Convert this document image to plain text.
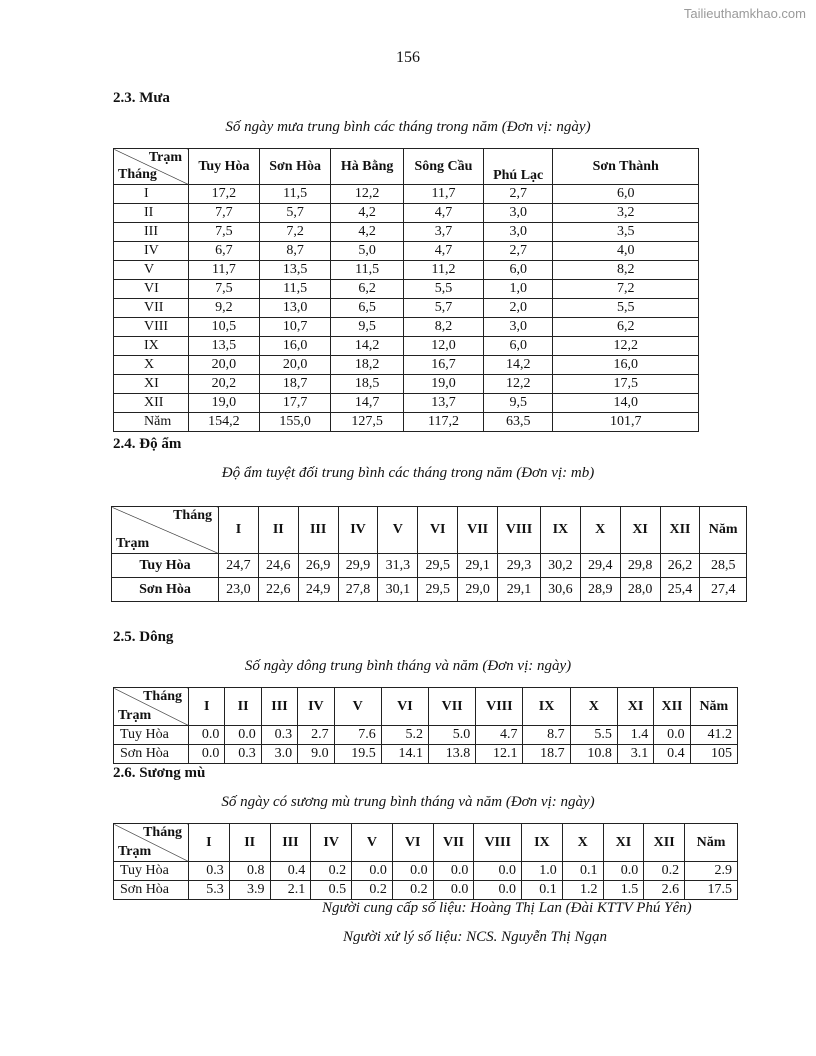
Tailieuthamkhao.com
156
2.3. Mưa
Số ngày mưa trung bình các tháng trong năm (Đơn vị: ngày)
Trạm
Tháng	Tuy Hòa	Sơn Hòa	Hà Bằng	Sông Cầu	Phú Lạc	Sơn Thành
I	17,2	11,5	12,2	11,7	2,7	6,0
II	7,7	5,7	4,2	4,7	3,0	3,2
III	7,5	7,2	4,2	3,7	3,0	3,5
IV	6,7	8,7	5,0	4,7	2,7	4,0
V	11,7	13,5	11,5	11,2	6,0	8,2
VI	7,5	11,5	6,2	5,5	1,0	7,2
VII	9,2	13,0	6,5	5,7	2,0	5,5
VIII	10,5	10,7	9,5	8,2	3,0	6,2
IX	13,5	16,0	14,2	12,0	6,0	12,2
X	20,0	20,0	18,2	16,7	14,2	16,0
XI	20,2	18,7	18,5	19,0	12,2	17,5
XII	19,0	17,7	14,7	13,7	9,5	14,0
Năm	154,2	155,0	127,5	117,2	63,5	101,7
2.4. Độ ẩm
Độ ẩm tuyệt đối trung bình các tháng trong năm (Đơn vị: mb)
Tháng
Trạm	I	II	III	IV	V	VI	VII	VIII	IX	X	XI	XII	Năm
Tuy Hòa	24,7	24,6	26,9	29,9	31,3	29,5	29,1	29,3	30,2	29,4	29,8	26,2	28,5
Sơn Hòa	23,0	22,6	24,9	27,8	30,1	29,5	29,0	29,1	30,6	28,9	28,0	25,4	27,4
2.5. Dông
Số ngày dông trung bình tháng và năm (Đơn vị: ngày)
Tháng
Trạm	I	II	III	IV	V	VI	VII	VIII	IX	X	XI	XII	Năm
Tuy Hòa	0.0	0.0	0.3	2.7	7.6	5.2	5.0	4.7	8.7	5.5	1.4	0.0	41.2
Sơn Hòa	0.0	0.3	3.0	9.0	19.5	14.1	13.8	12.1	18.7	10.8	3.1	0.4	105
2.6. Sương mù
Số ngày có sương mù trung bình tháng và năm (Đơn vị: ngày)
Tháng
Trạm	I	II	III	IV	V	VI	VII	VIII	IX	X	XI	XII	Năm
Tuy Hòa	0.3	0.8	0.4	0.2	0.0	0.0	0.0	0.0	1.0	0.1	0.0	0.2	2.9
Sơn Hòa	5.3	3.9	2.1	0.5	0.2	0.2	0.0	0.0	0.1	1.2	1.5	2.6	17.5
Người cung cấp số liệu: Hoàng Thị Lan (Đài KTTV Phú Yên)
Người xử lý số liệu: NCS. Nguyễn Thị Ngạn
